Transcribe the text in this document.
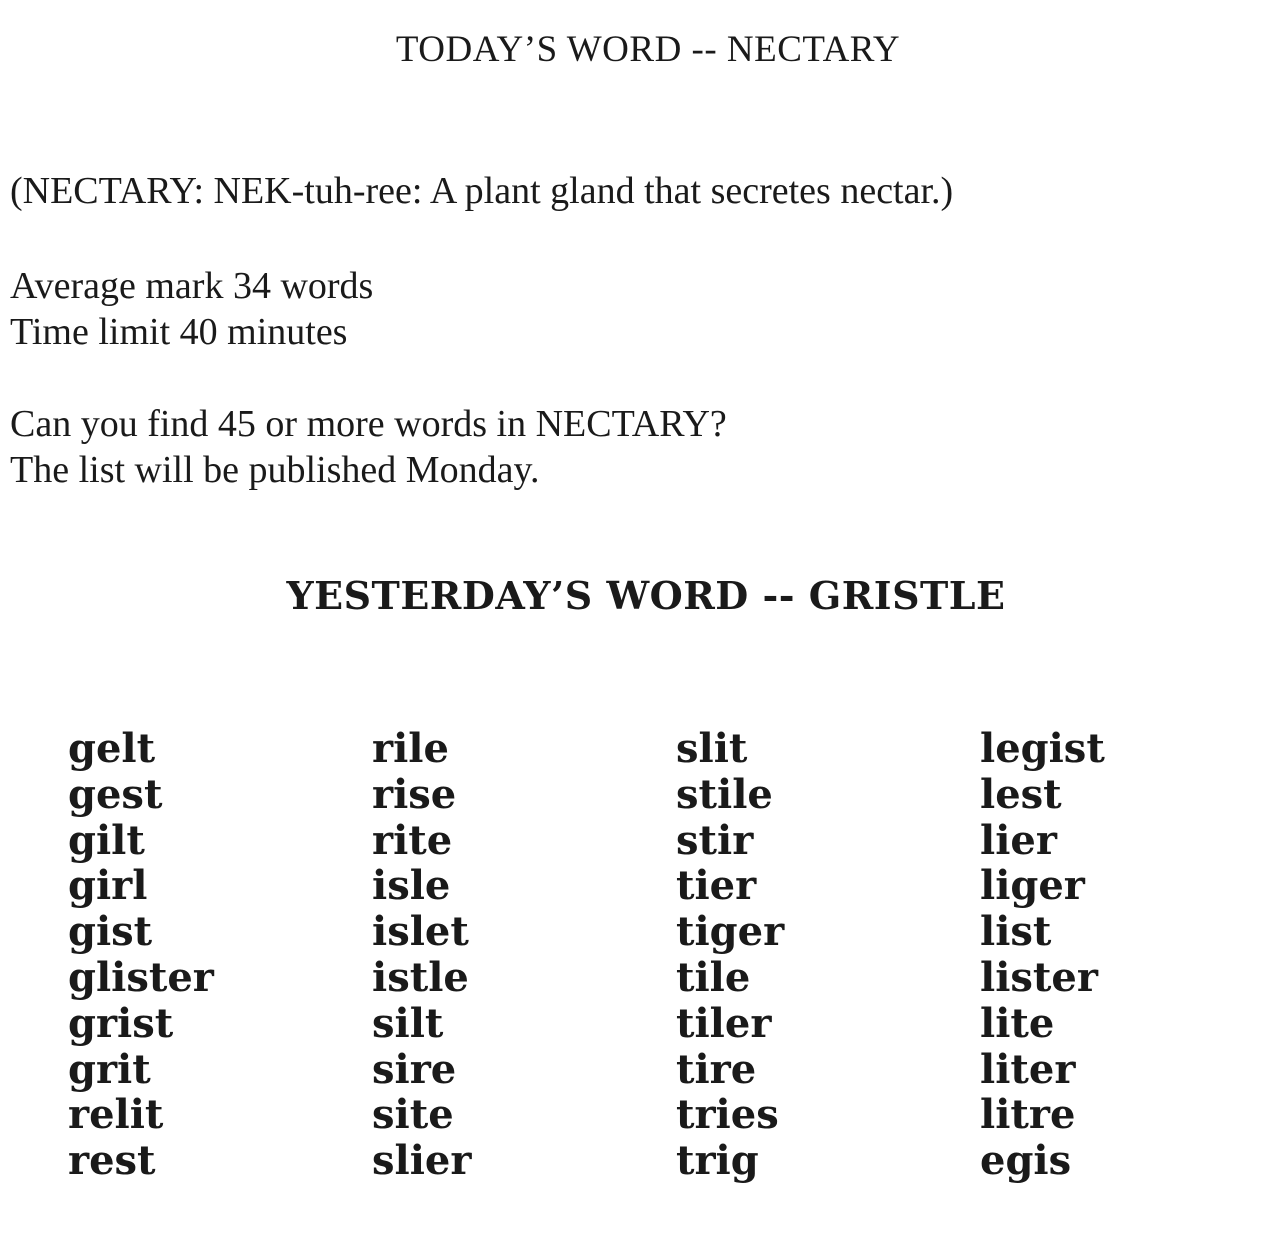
TODAY’S WORD -- NECTARY
(NECTARY: NEK-tuh-ree: A plant gland that secretes nectar.)
Average mark 34 words
Time limit 40 minutes
Can you find 45 or more words in NECTARY?
The list will be published Monday.
YESTERDAY’S WORD -- GRISTLE
gelt
gest
gilt
girl
gist
glister
grist
grit
relit
rest
rile
rise
rite
isle
islet
istle
silt
sire
site
slier
slit
stile
stir
tier
tiger
tile
tiler
tire
tries
trig
legist
lest
lier
liger
list
lister
lite
liter
litre
egis
